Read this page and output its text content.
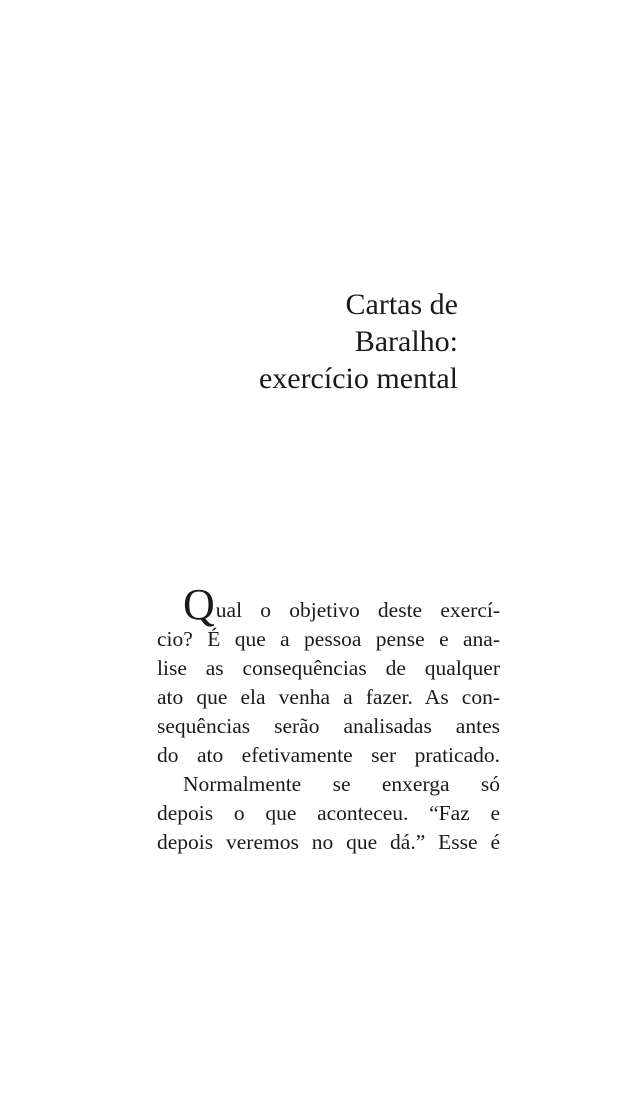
Cartas de
Baralho:
exercício mental
Qual o objetivo deste exercí-
cio? É que a pessoa pense e ana-
lise as consequências de qualquer
ato que ela venha a fazer. As con-
sequências serão analisadas antes
do ato efetivamente ser praticado.
Normalmente se enxerga só
depois o que aconteceu. “Faz e
depois veremos no que dá.” Esse é
